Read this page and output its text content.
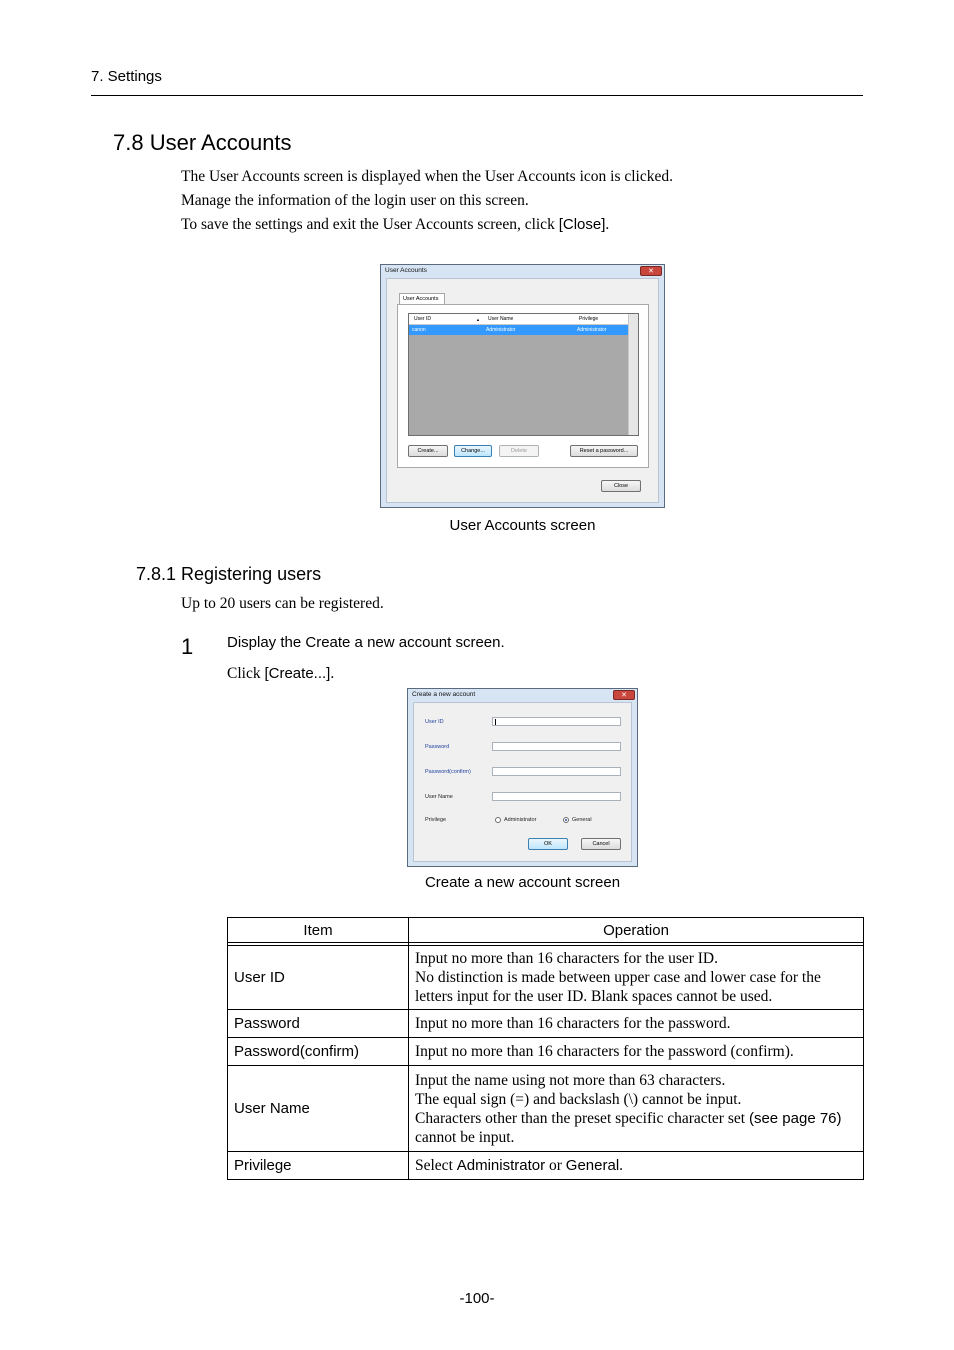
7. Settings
7.8 User Accounts
The User Accounts screen is displayed when the User Accounts icon is clicked.
Manage the information of the login user on this screen.
To save the settings and exit the User Accounts screen, click [Close].
User Accounts	✕
User Accounts
User ID	▲ User Name	Privilege
canon	Administrator	Administrator
Create...	Change...	Delete	Reset a password...
Close
User Accounts screen
7.8.1 Registering users
Up to 20 users can be registered.
1 Display the Create a new account screen.
Click [Create...].
Create a new account	✕
User ID
Password
Password(confirm)
User Name
Privilege	Administrator	General
OK	Cancel
Create a new account screen
Item	Operation

User ID	Input no more than 16 characters for the user ID.
No distinction is made between upper case and lower case for the
letters input for the user ID. Blank spaces cannot be used.

Password	Input no more than 16 characters for the password.

Password(confirm)	Input no more than 16 characters for the password (confirm).

User Name	Input the name using not more than 63 characters.
The equal sign (=) and backslash (\) cannot be input.
Characters other than the preset specific character set (see page 76)
cannot be input.

Privilege	Select Administrator or General.
-100-
